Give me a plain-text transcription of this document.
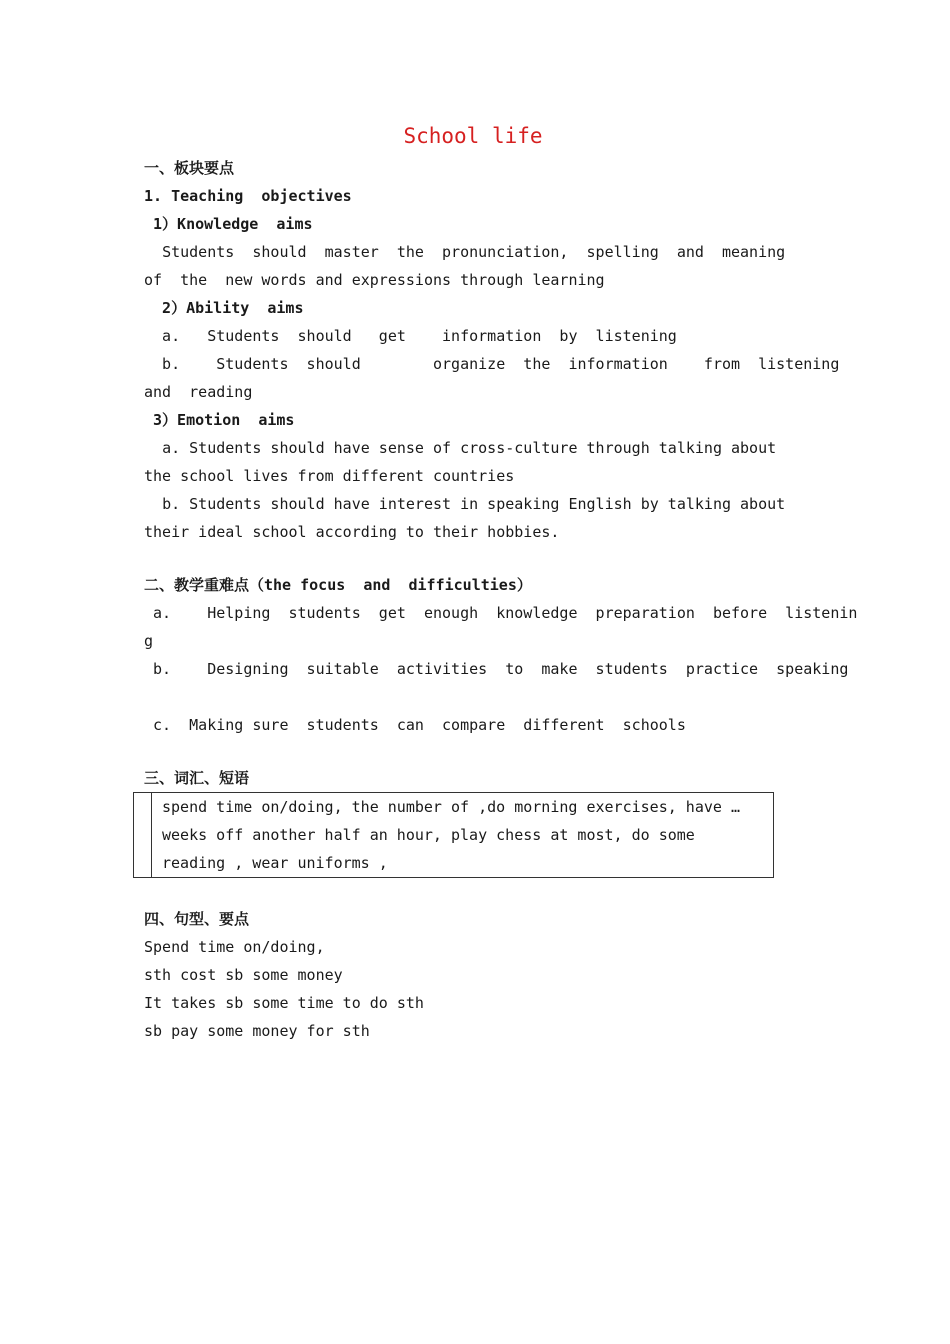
School life
一、板块要点
1. Teaching  objectives
1）Knowledge  aims
Students  should  master  the  pronunciation,  spelling  and  meaning  of  the  new words and expressions through learning
2）Ability  aims
a.   Students  should   get    information  by  listening
b.    Students  should        organize  the  information    from  listening
and  reading
3）Emotion  aims
a. Students should have sense of cross-culture through talking about the school lives from different countries
b. Students should have interest in speaking English by talking about their ideal school according to their hobbies.
二、教学重难点（the focus  and  difficulties）
a.    Helping  students  get  enough  knowledge  preparation  before  listenin
g
b.    Designing  suitable  activities  to  make  students  practice  speaking
c.  Making sure  students  can  compare  different  schools
三、词汇、短语
spend time on/doing, the number of ,do morning exercises, have …weeks off another half an hour, play chess at most, do some reading , wear uniforms ,
四、句型、要点
Spend time on/doing,
sth cost sb some money
It takes sb some time to do sth
sb pay some money for sth
